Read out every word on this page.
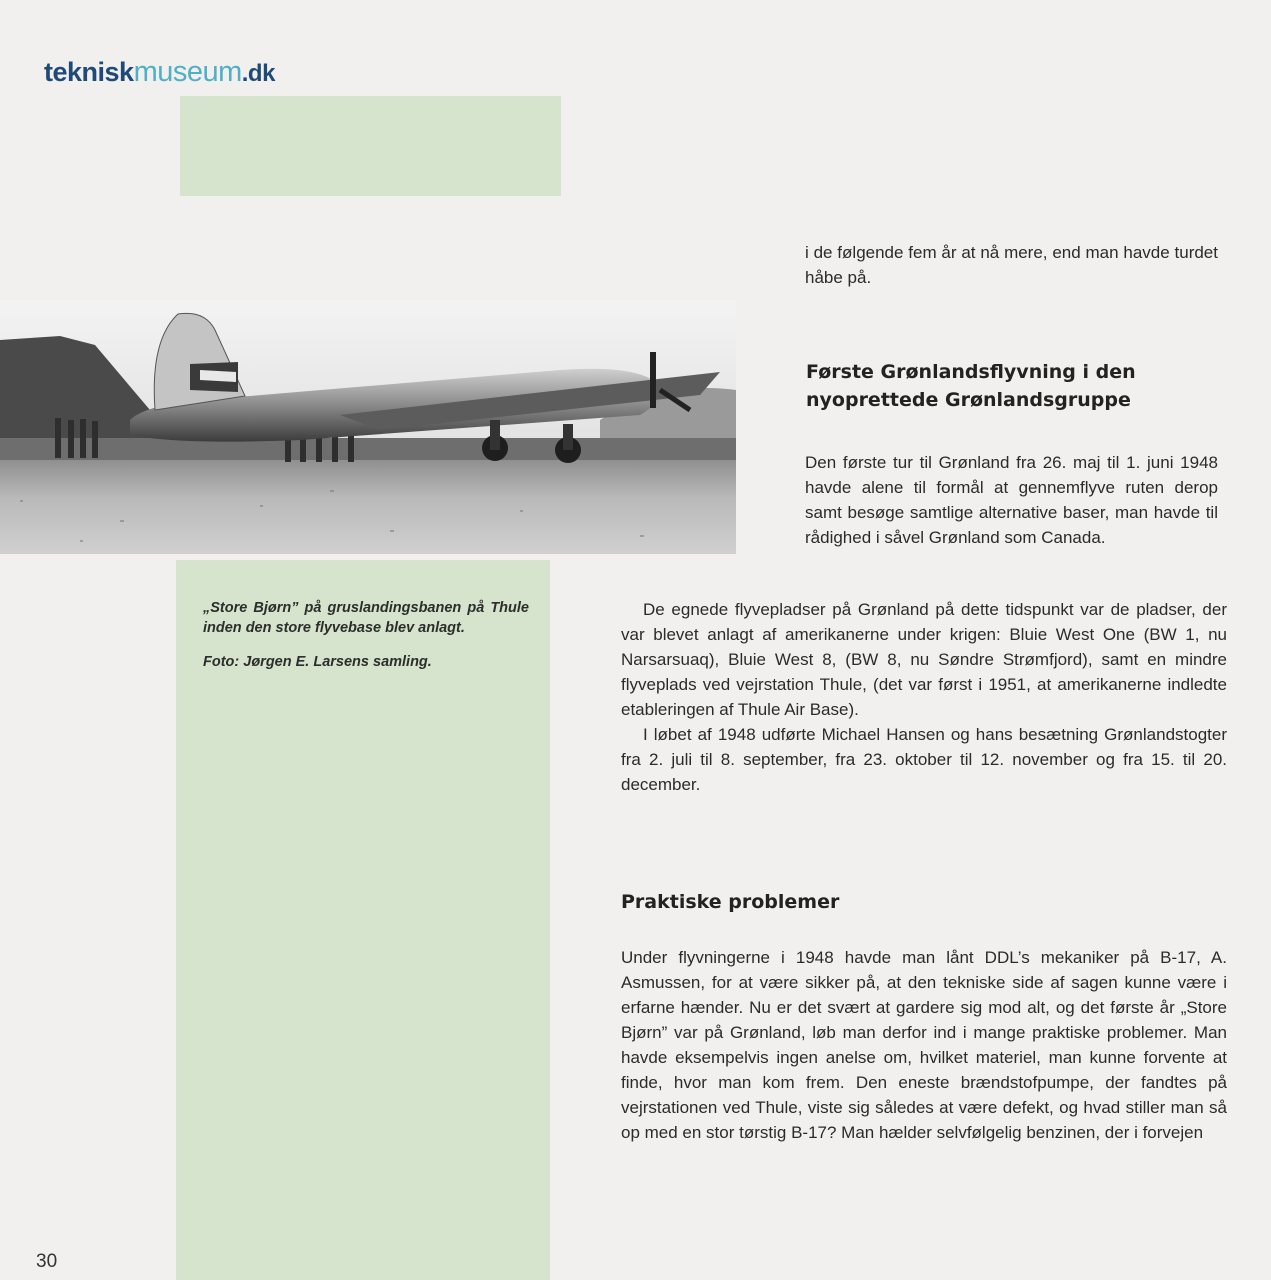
tekniskmuseum.dk

„Store Bjørn” på gruslandingsbanen på Thule inden den store flyvebase blev anlagt.

Foto: Jørgen E. Larsens samling.

i de følgende fem år at nå mere, end man havde turdet håbe på.
Første Grønlandsflyvning i den nyoprettede Grønlandsgruppe
Den første tur til Grønland fra 26. maj til 1. juni 1948 havde alene til formål at gennemflyve ruten derop samt besøge samtlige alternative baser, man havde til rådighed i såvel Grønland som Canada.

De egnede flyvepladser på Grønland på dette tidspunkt var de pladser, der var blevet anlagt af amerikanerne under krigen: Bluie West One (BW 1, nu Narsarsuaq), Bluie West 8, (BW 8, nu Søndre Strømfjord), samt en mindre flyveplads ved vejrstation Thule, (det var først i 1951, at amerikanerne indledte etableringen af Thule Air Base).

I løbet af 1948 udførte Michael Hansen og hans besætning Grønlandstogter fra 2. juli til 8. september, fra 23. oktober til 12. november og fra 15. til 20. december.

Praktiske problemer
Under flyvningerne i 1948 havde man lånt DDL’s mekaniker på B-17, A. Asmussen, for at være sikker på, at den tekniske side af sagen kunne være i erfarne hænder. Nu er det svært at gardere sig mod alt, og det første år „Store Bjørn” var på Grønland, løb man derfor ind i mange praktiske problemer. Man havde eksempelvis ingen anelse om, hvilket materiel, man kunne forvente at finde, hvor man kom frem. Den eneste brændstofpumpe, der fandtes på vejrstationen ved Thule, viste sig således at være defekt, og hvad stiller man så op med en stor tørstig B-17? Man hælder selvfølgelig benzinen, der i forvejen
30
